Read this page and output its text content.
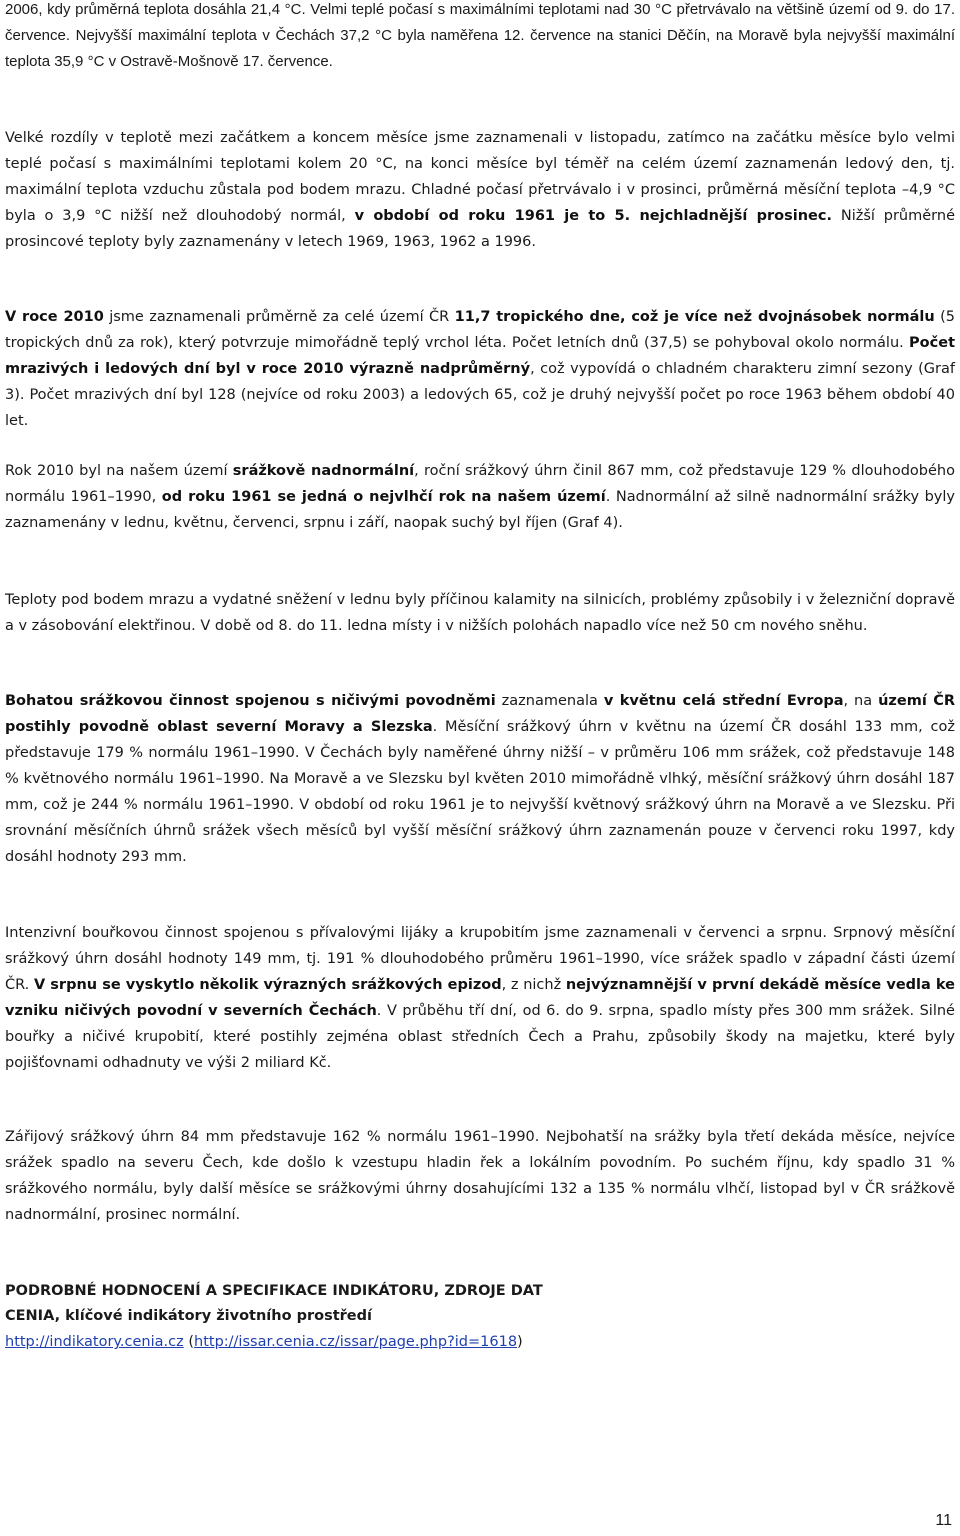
2006, kdy průměrná teplota dosáhla 21,4 °C. Velmi teplé počasí s maximálními teplotami nad 30 °C přetrvávalo na většině území od 9. do 17. července. Nejvyšší maximální teplota v Čechách 37,2 °C byla naměřena 12. července na stanici Děčín, na Moravě byla nejvyšší maximální teplota 35,9 °C v Ostravě-Mošnově 17. července.

Velké rozdíly v teplotě mezi začátkem a koncem měsíce jsme zaznamenali v listopadu, zatímco na začátku měsíce bylo velmi teplé počasí s maximálními teplotami kolem 20 °C, na konci měsíce byl téměř na celém území zaznamenán ledový den, tj. maximální teplota vzduchu zůstala pod bodem mrazu. Chladné počasí přetrvávalo i v prosinci, průměrná měsíční teplota –4,9 °C byla o 3,9 °C nižší než dlouhodobý normál, v období od roku 1961 je to 5. nejchladnější prosinec. Nižší průměrné prosincové teploty byly zaznamenány v letech 1969, 1963, 1962 a 1996.

V roce 2010 jsme zaznamenali průměrně za celé území ČR 11,7 tropického dne, což je více než dvojnásobek normálu (5 tropických dnů za rok), který potvrzuje mimořádně teplý vrchol léta. Počet letních dnů (37,5) se pohyboval okolo normálu. Počet mrazivých i ledových dní byl v roce 2010 výrazně nadprůměrný, což vypovídá o chladném charakteru zimní sezony (Graf 3). Počet mrazivých dní byl 128 (nejvíce od roku 2003) a ledových 65, což je druhý nejvyšší počet po roce 1963 během období 40 let.

Rok 2010 byl na našem území srážkově nadnormální, roční srážkový úhrn činil 867 mm, což představuje 129 % dlouhodobého normálu 1961–1990, od roku 1961 se jedná o nejvlhčí rok na našem území. Nadnormální až silně nadnormální srážky byly zaznamenány v lednu, květnu, červenci, srpnu i září, naopak suchý byl říjen (Graf 4).

Teploty pod bodem mrazu a vydatné sněžení v lednu byly příčinou kalamity na silnicích, problémy způsobily i v železniční dopravě a v zásobování elektřinou. V době od 8. do 11. ledna místy i v nižších polohách napadlo více než 50 cm nového sněhu.

Bohatou srážkovou činnost spojenou s ničivými povodněmi zaznamenala v květnu celá střední Evropa, na území ČR postihly povodně oblast severní Moravy a Slezska. Měsíční srážkový úhrn v květnu na území ČR dosáhl 133 mm, což představuje 179 % normálu 1961–1990. V Čechách byly naměřené úhrny nižší – v průměru 106 mm srážek, což představuje 148 % květnového normálu 1961–1990. Na Moravě a ve Slezsku byl květen 2010 mimořádně vlhký, měsíční srážkový úhrn dosáhl 187 mm, což je 244 % normálu 1961–1990. V období od roku 1961 je to nejvyšší květnový srážkový úhrn na Moravě a ve Slezsku. Při srovnání měsíčních úhrnů srážek všech měsíců byl vyšší měsíční srážkový úhrn zaznamenán pouze v červenci roku 1997, kdy dosáhl hodnoty 293 mm.

Intenzivní bouřkovou činnost spojenou s přívalovými lijáky a krupobitím jsme zaznamenali v červenci a srpnu. Srpnový měsíční srážkový úhrn dosáhl hodnoty 149 mm, tj. 191 % dlouhodobého průměru 1961–1990, více srážek spadlo v západní části území ČR. V srpnu se vyskytlo několik výrazných srážkových epizod, z nichž nejvýznamnější v první dekádě měsíce vedla ke vzniku ničivých povodní v severních Čechách. V průběhu tří dní, od 6. do 9. srpna, spadlo místy přes 300 mm srážek. Silné bouřky a ničivé krupobití, které postihly zejména oblast středních Čech a Prahu, způsobily škody na majetku, které byly pojišťovnami odhadnuty ve výši 2 miliard Kč.

Zářijový srážkový úhrn 84 mm představuje 162 % normálu 1961–1990. Nejbohatší na srážky byla třetí dekáda měsíce, nejvíce srážek spadlo na severu Čech, kde došlo k vzestupu hladin řek a lokálním povodním. Po suchém říjnu, kdy spadlo 31 % srážkového normálu, byly další měsíce se srážkovými úhrny dosahujícími 132 a 135 % normálu vlhčí, listopad byl v ČR srážkově nadnormální, prosinec normální.

PODROBNÉ HODNOCENÍ A SPECIFIKACE INDIKÁTORU, ZDROJE DAT

CENIA, klíčové indikátory životního prostředí

http://indikatory.cenia.cz (http://issar.cenia.cz/issar/page.php?id=1618)

11
